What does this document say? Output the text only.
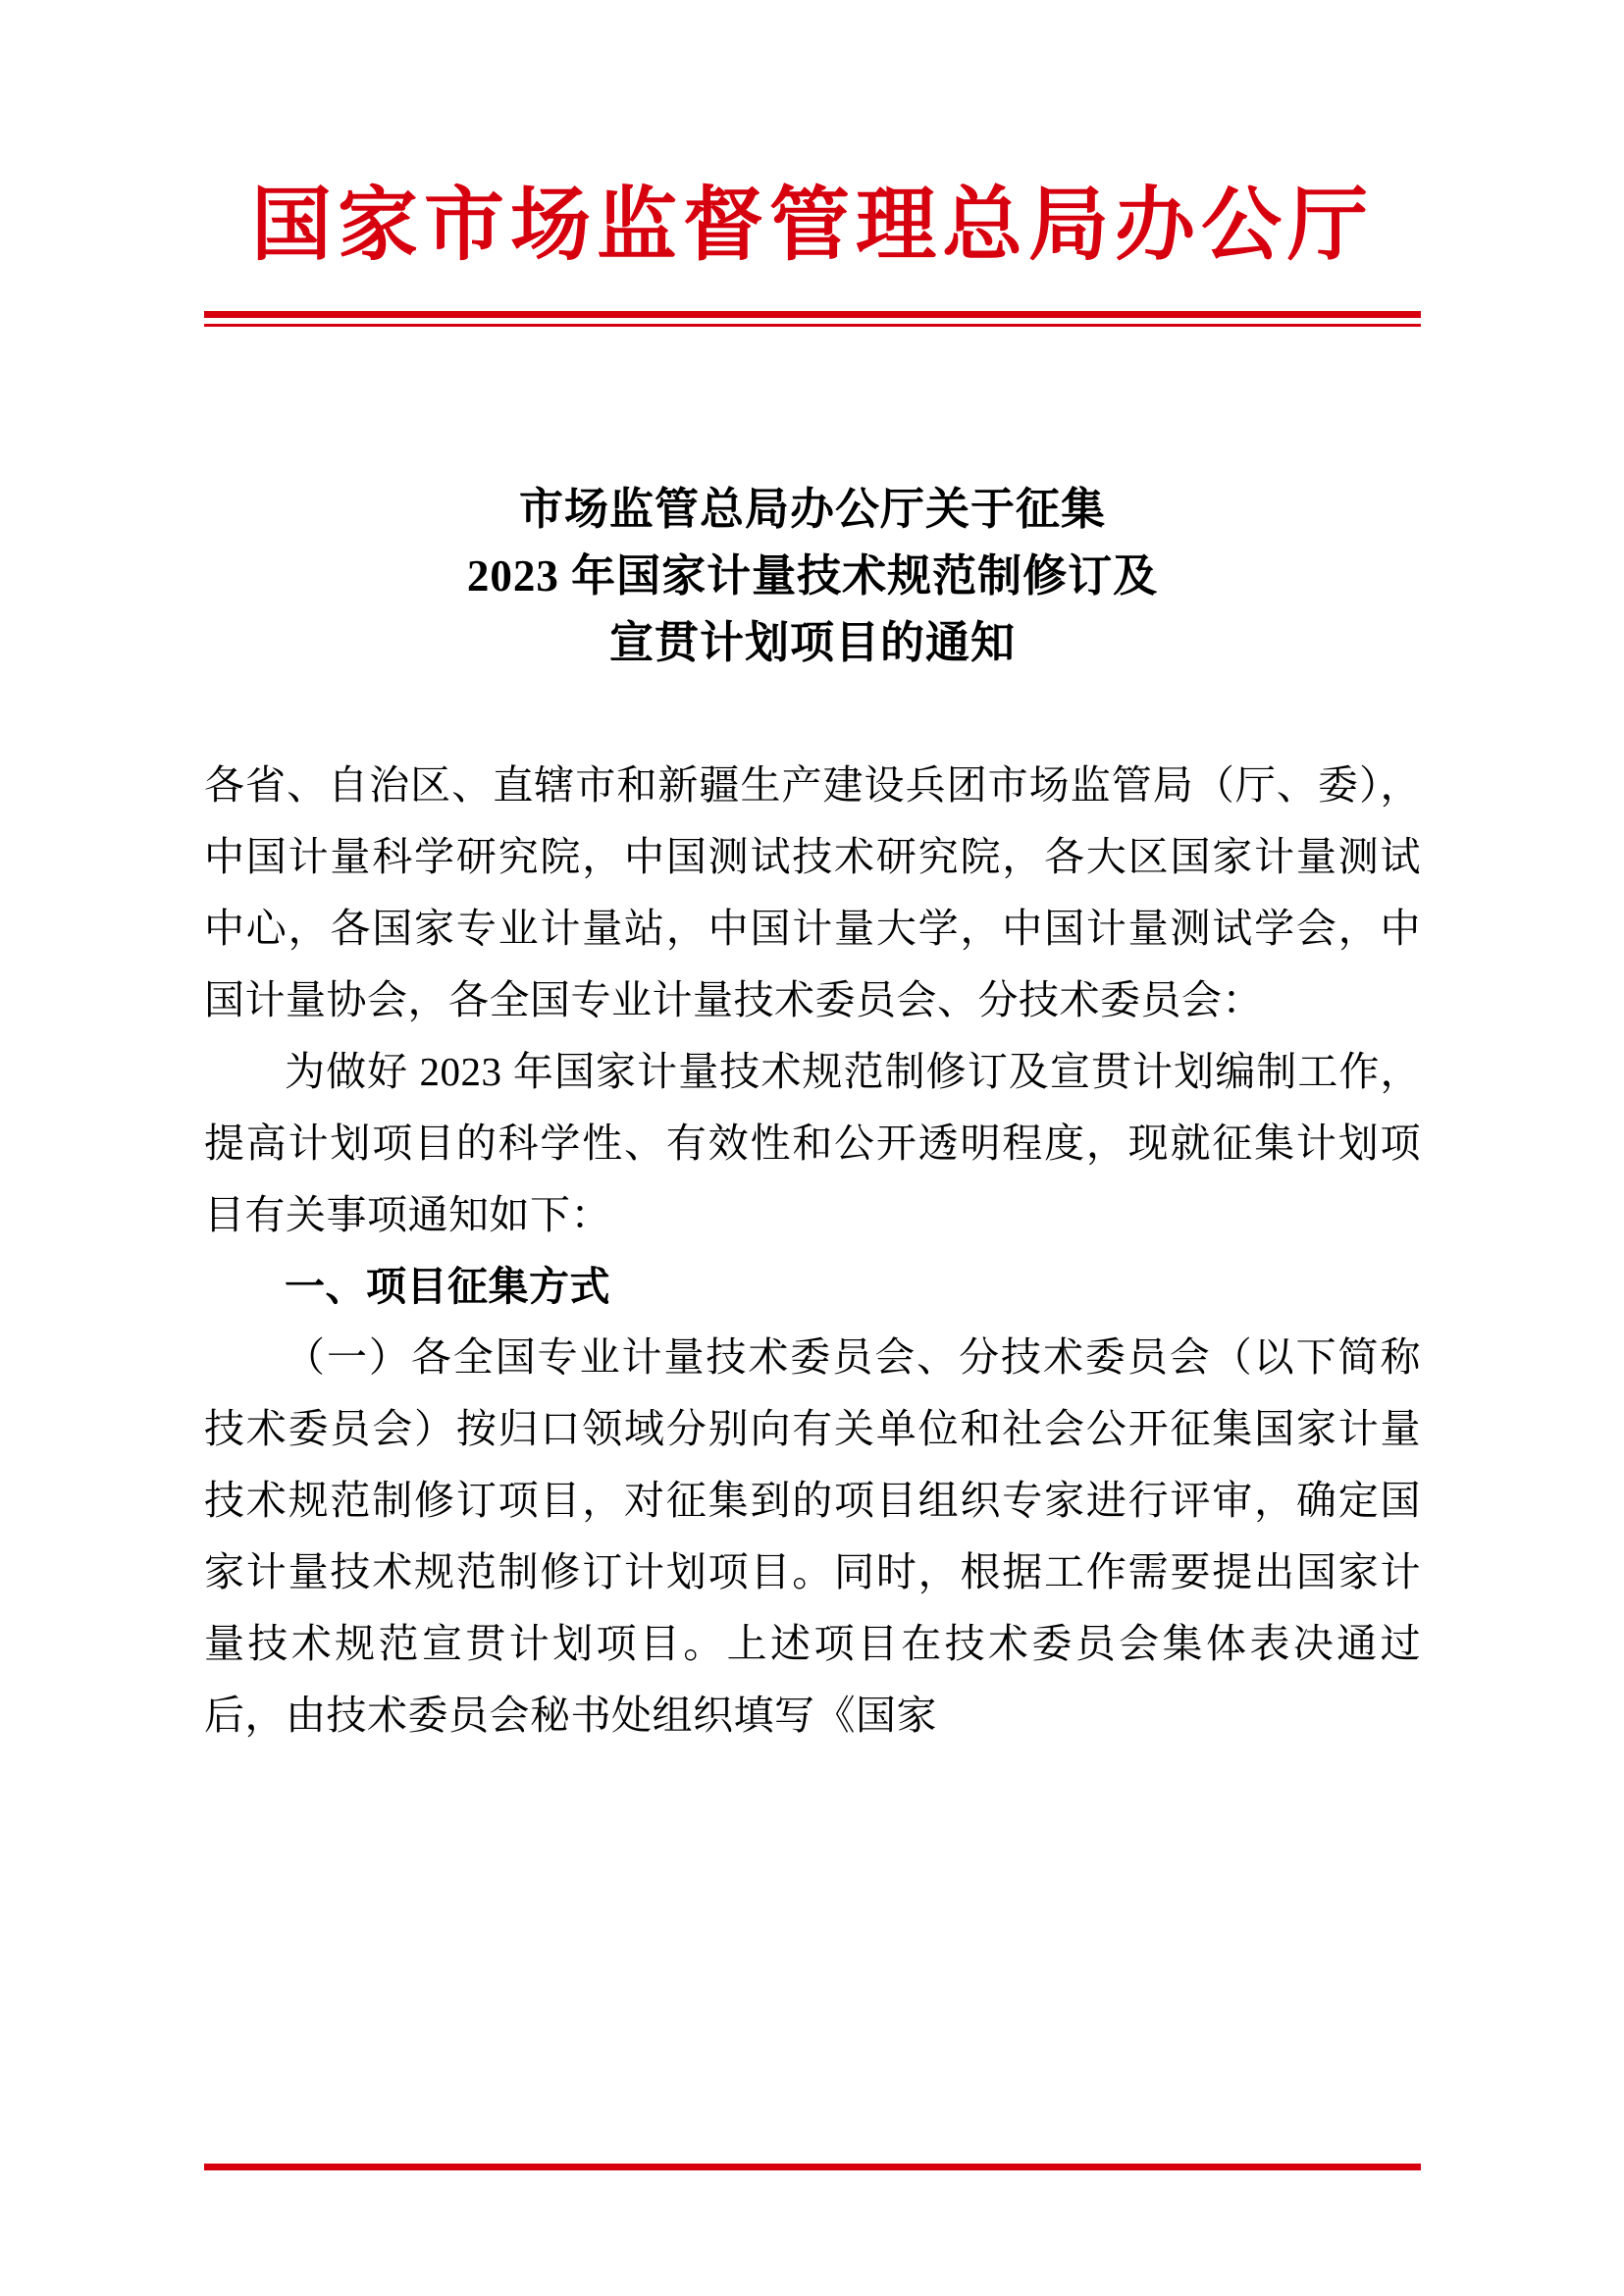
国家市场监督管理总局办公厅
市场监管总局办公厅关于征集
2023 年国家计量技术规范制修订及
宣贯计划项目的通知

各省、自治区、直辖市和新疆生产建设兵团市场监管局（厅、委），中国计量科学研究院，中国测试技术研究院，各大区国家计量测试中心，各国家专业计量站，中国计量大学，中国计量测试学会，中国计量协会，各全国专业计量技术委员会、分技术委员会：

为做好 2023 年国家计量技术规范制修订及宣贯计划编制工作，提高计划项目的科学性、有效性和公开透明程度，现就征集计划项目有关事项通知如下：

一、项目征集方式

（一）各全国专业计量技术委员会、分技术委员会（以下简称技术委员会）按归口领域分别向有关单位和社会公开征集国家计量技术规范制修订项目，对征集到的项目组织专家进行评审，确定国家计量技术规范制修订计划项目。同时，根据工作需要提出国家计量技术规范宣贯计划项目。上述项目在技术委员会集体表决通过后，由技术委员会秘书处组织填写《国家
